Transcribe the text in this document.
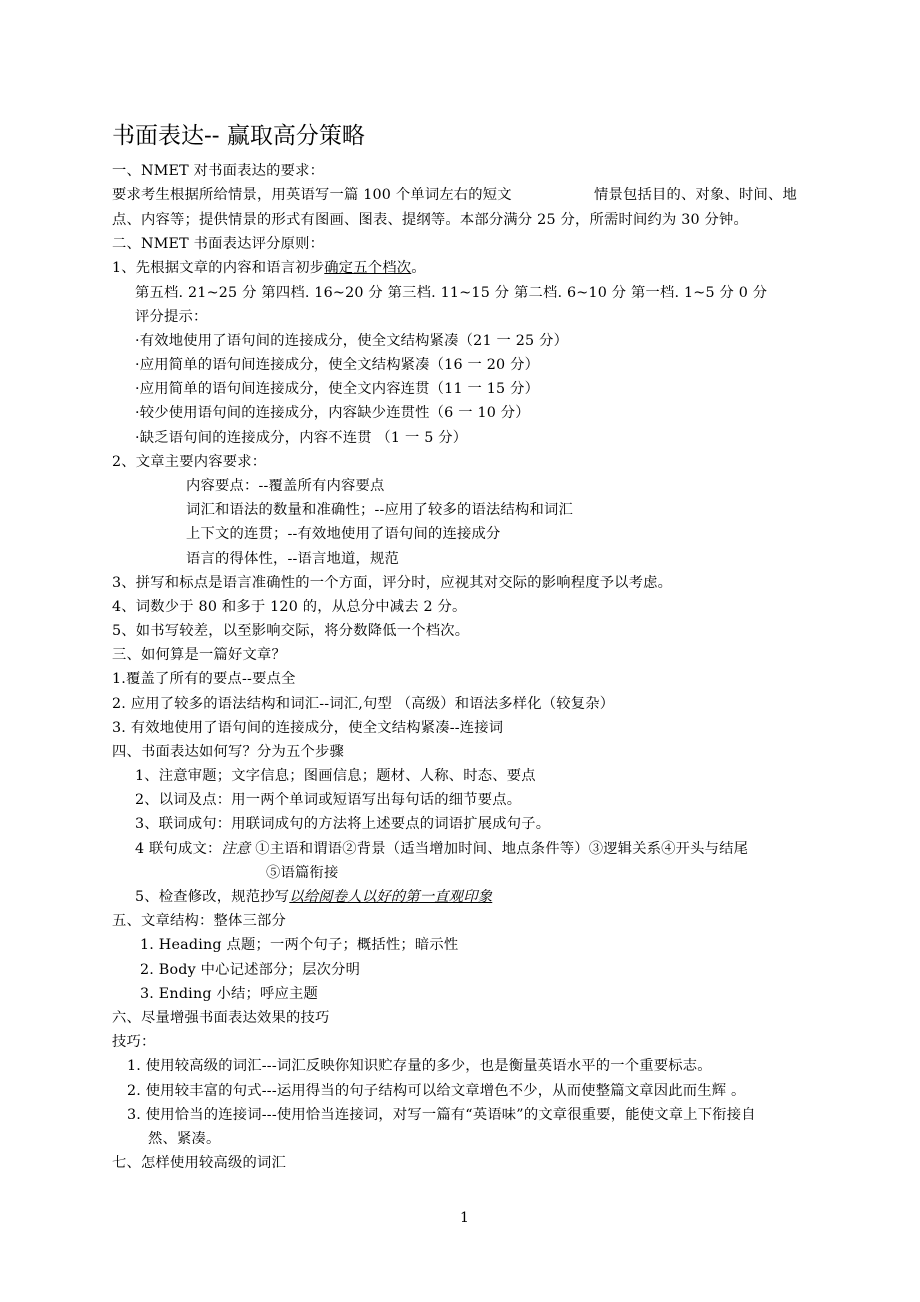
书面表达-- 赢取高分策略
一、NMET 对书面表达的要求：
要求考生根据所给情景，用英语写一篇 100 个单词左右的短文	情景包括目的、对象、时间、地
点、内容等；提供情景的形式有图画、图表、提纲等。本部分满分 25 分，所需时间约为 30 分钟。
二、NMET 书面表达评分原则：
1、先根据文章的内容和语言初步确定五个档次。
第五档. 21~25 分 第四档. 16~20 分 第三档. 11~15 分 第二档. 6~10 分 第一档. 1~5 分 0 分
评分提示：
·有效地使用了语句间的连接成分，使全文结构紧凑（21 一 25 分）
·应用简单的语句间连接成分，使全文结构紧凑（16 一 20 分）
·应用简单的语句间连接成分，使全文内容连贯（11 一 15 分）
·较少使用语句间的连接成分，内容缺少连贯性（6 一 10 分）
·缺乏语句间的连接成分，内容不连贯 （1 一 5 分）
2、文章主要内容要求：
内容要点：--覆盖所有内容要点
词汇和语法的数量和准确性；--应用了较多的语法结构和词汇
上下文的连贯；--有效地使用了语句间的连接成分
语言的得体性，--语言地道，规范
3、拼写和标点是语言准确性的一个方面，评分时，应视其对交际的影响程度予以考虑。
4、词数少于 80 和多于 120 的，从总分中减去 2 分。
5、如书写较差，以至影响交际，将分数降低一个档次。
三、如何算是一篇好文章？
1.覆盖了所有的要点--要点全
2. 应用了较多的语法结构和词汇--词汇,句型 （高级）和语法多样化（较复杂）
3. 有效地使用了语句间的连接成分，使全文结构紧凑--连接词
四、书面表达如何写？分为五个步骤
1、注意审题；文字信息；图画信息；题材、人称、时态、要点
2、以词及点：用一两个单词或短语写出每句话的细节要点。
3、联词成句：用联词成句的方法将上述要点的词语扩展成句子。
4 联句成文：注意 ①主语和谓语②背景（适当增加时间、地点条件等）③逻辑关系④开头与结尾
⑤语篇衔接
5、检查修改，规范抄写以给阅卷人以好的第一直观印象
五、文章结构：整体三部分
1. Heading 点题；一两个句子；概括性；暗示性
2. Body 中心记述部分；层次分明
3. Ending 小结；呼应主题
六、尽量增强书面表达效果的技巧
技巧：
1. 使用较高级的词汇---词汇反映你知识贮存量的多少，也是衡量英语水平的一个重要标志。
2. 使用较丰富的句式---运用得当的句子结构可以给文章增色不少，从而使整篇文章因此而生辉 。
3. 使用恰当的连接词---使用恰当连接词，对写一篇有“英语味”的文章很重要，能使文章上下衔接自
然、紧凑。
七、怎样使用较高级的词汇
1
